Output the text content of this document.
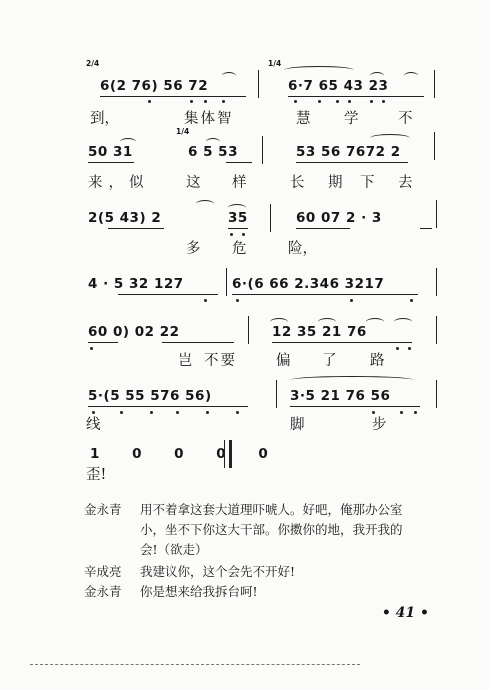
2/4
6(2 76) 56 72
1/4
6·7 65 43 23
到，	集体智	慧 学	不
50 31
1/4
6 5 53	53 56 7672 2
来，似	这 样	长 期 下 去
2(5 43) 2	35	60 07 2 · 3
多 危	险，
4 · 5 32 127	6·(6 66 2.346 3217
60 0) 02 22	12 35 21 76
岂 不要	偏 了 路
5·(5 55 576 56)	3·5 21 76 56
线	脚	步
1 0 0 0 0
歪!
金永青 用不着拿这套大道理吓唬人。好吧，俺那办公室
小，坐不下你这大干部。你擞你的地，我开我的
会!（欲走）
辛成亮 我建议你，这个会先不开好!
金永青 你是想来给我拆台呵!
• 41 •
